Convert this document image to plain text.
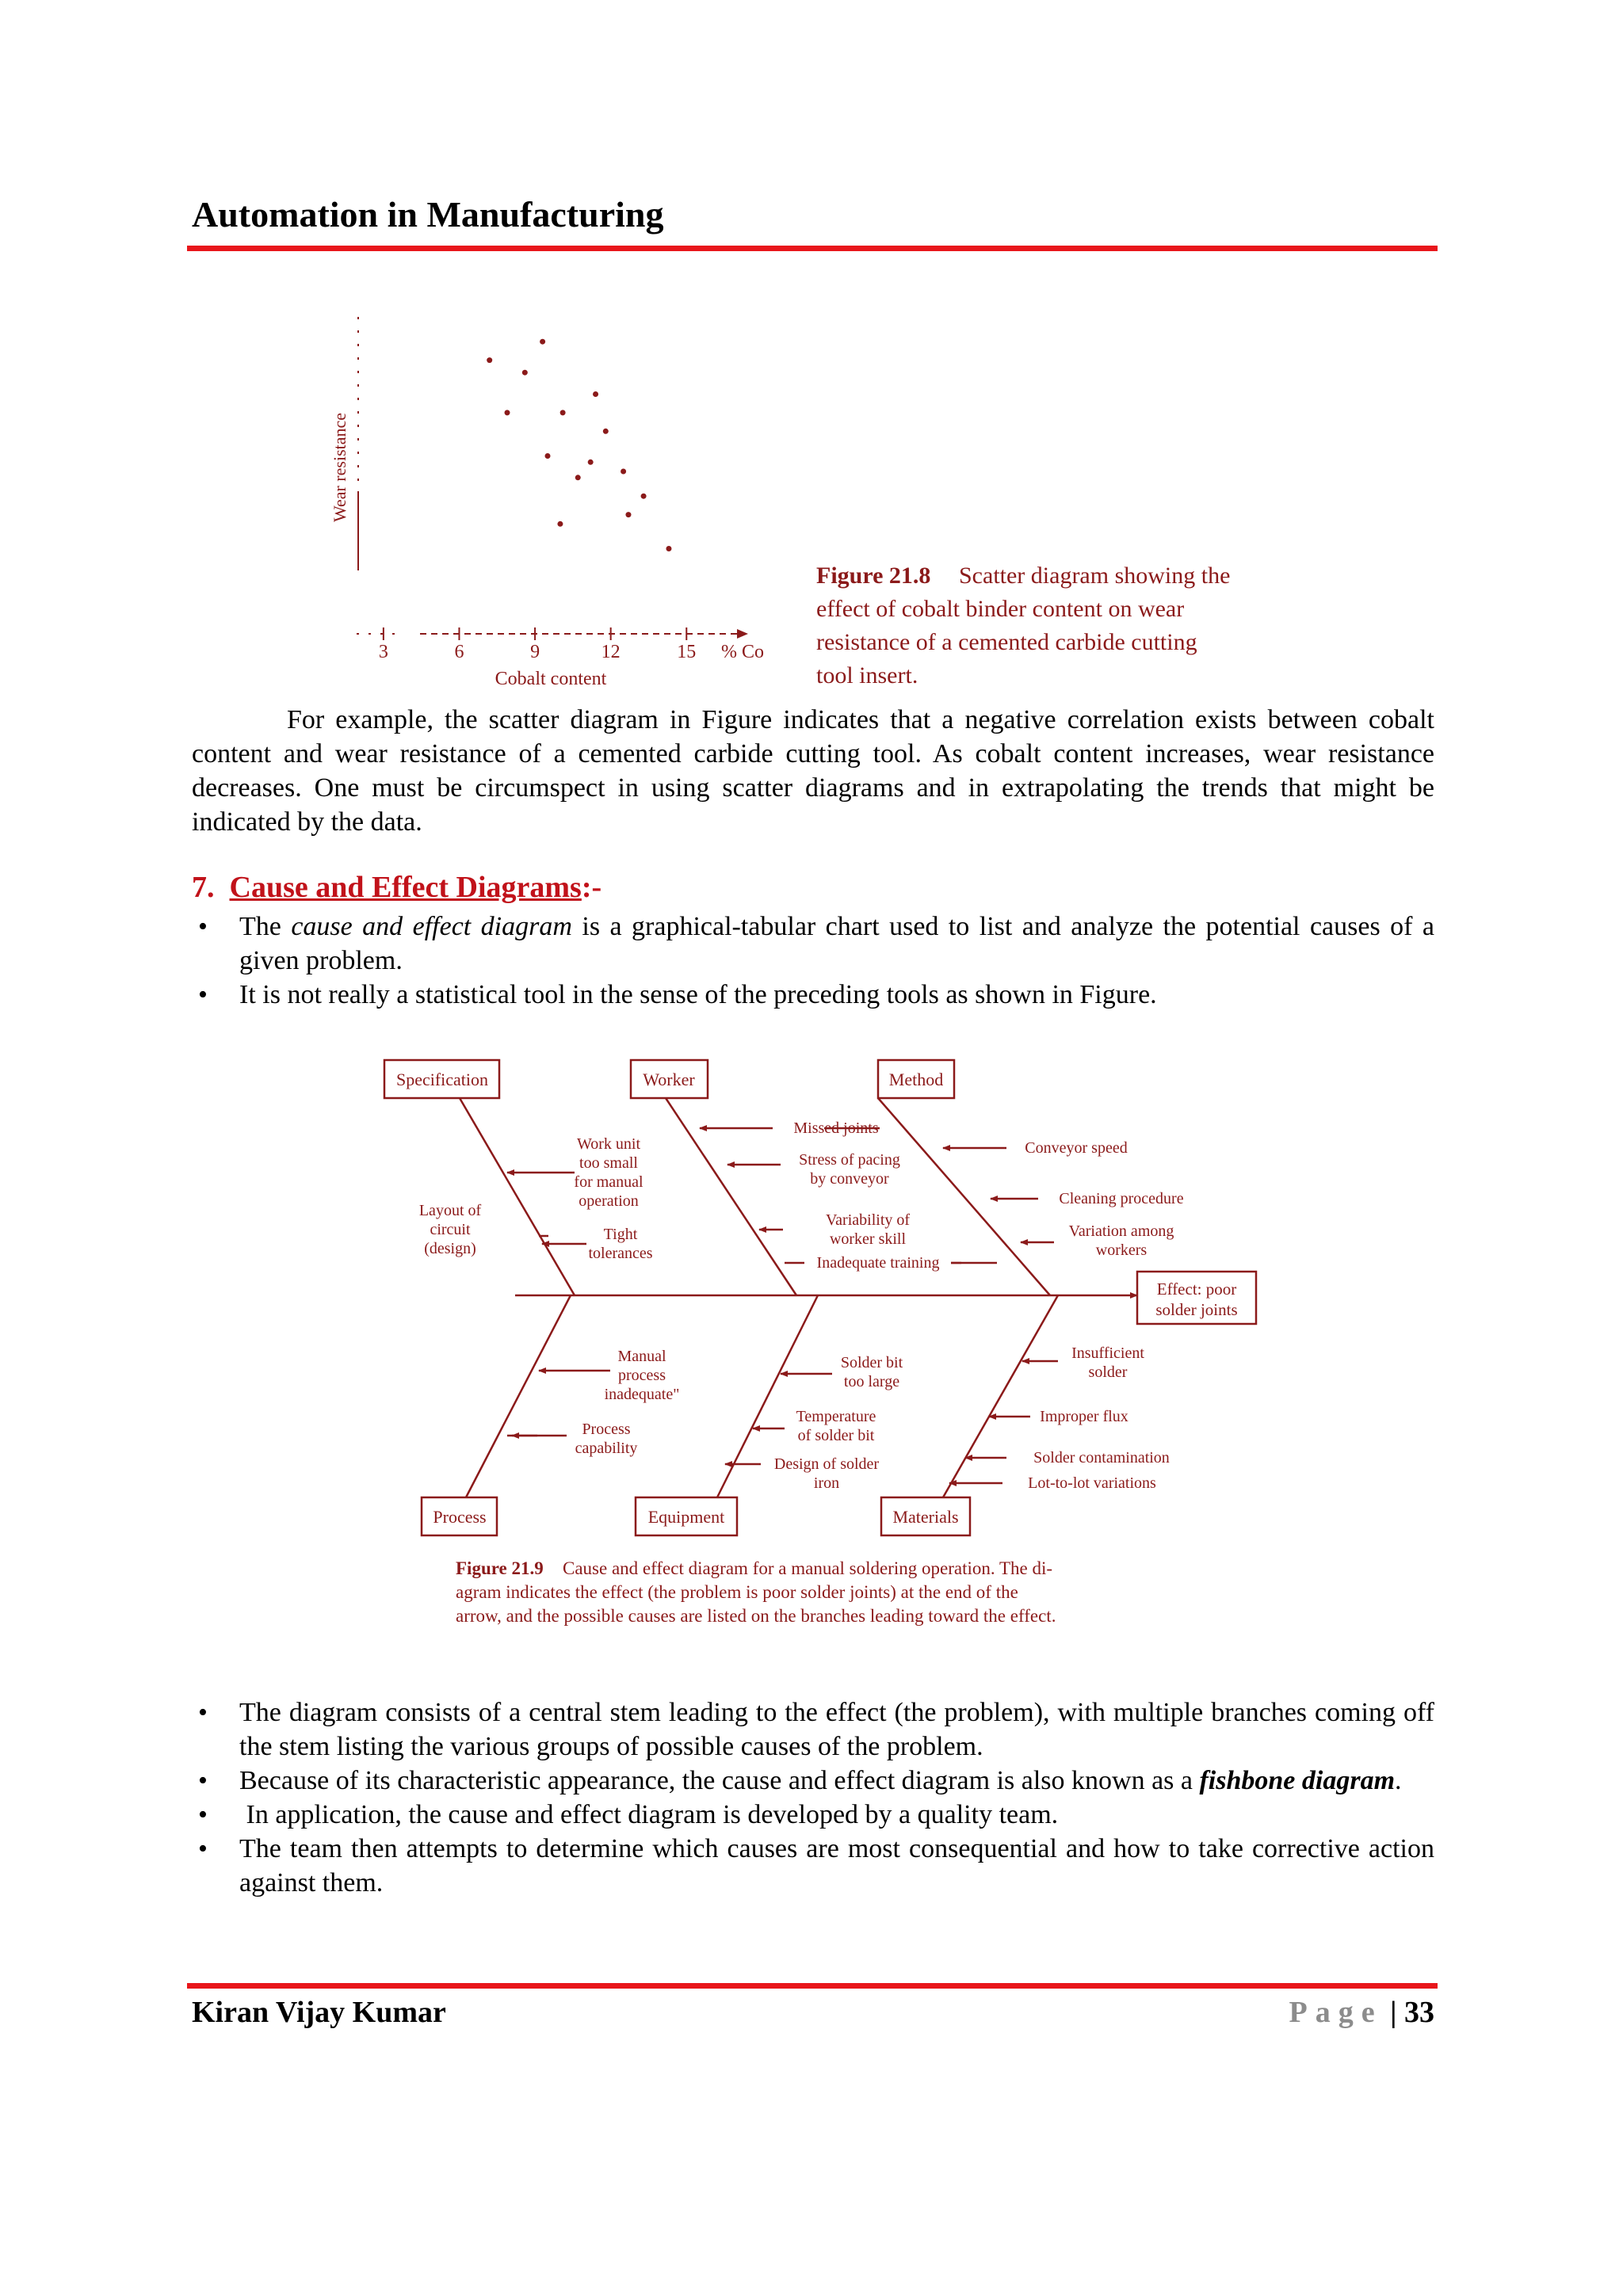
Automation in Manufacturing
Wear resistance
3	6	9	12	15 % Co
Cobalt content
Figure 21.8 Scatter diagram showing the
effect of cobalt binder content on wear
resistance of a cemented carbide cutting
tool insert.
For example, the scatter diagram in Figure indicates that a negative correlation exists between cobalt content and wear resistance of a cemented carbide cutting tool. As cobalt content increases, wear resistance decreases. One must be circumspect in using scatter diagrams and in extrapolating the trends that might be indicated by the data.
7. Cause and Effect Diagrams:-
• The cause and effect diagram is a graphical-tabular chart used to list and analyze the potential causes of a given problem.
• It is not really a statistical tool in the sense of the preceding tools as shown in Figure.
Specification	Worker	Method
Effect: poor
solder joints
Process	Equipment	Materials
Work unit
too small
for manual
operation
Layout of
circuit
(design)
Tight
tolerances
Missed joints
Stress of pacing
by conveyor
Variability of
worker skill
Inadequate training
Conveyor speed
Cleaning procedure
Variation among
workers
Manual
process
inadequate"
Process
capability
Solder bit
too large
Temperature
of solder bit
Design of solder
iron
Insufficient
solder
Improper flux
Solder contamination
Lot-to-lot variations
Figure 21.9 Cause and effect diagram for a manual soldering operation. The di-
agram indicates the effect (the problem is poor solder joints) at the end of the
arrow, and the possible causes are listed on the branches leading toward the effect.
• The diagram consists of a central stem leading to the effect (the problem), with multiple branches coming off the stem listing the various groups of possible causes of the problem.
• Because of its characteristic appearance, the cause and effect diagram is also known as a fishbone diagram.
•  In application, the cause and effect diagram is developed by a quality team.
• The team then attempts to determine which causes are most consequential and how to take corrective action against them.
Kiran Vijay Kumar	Page | 33
